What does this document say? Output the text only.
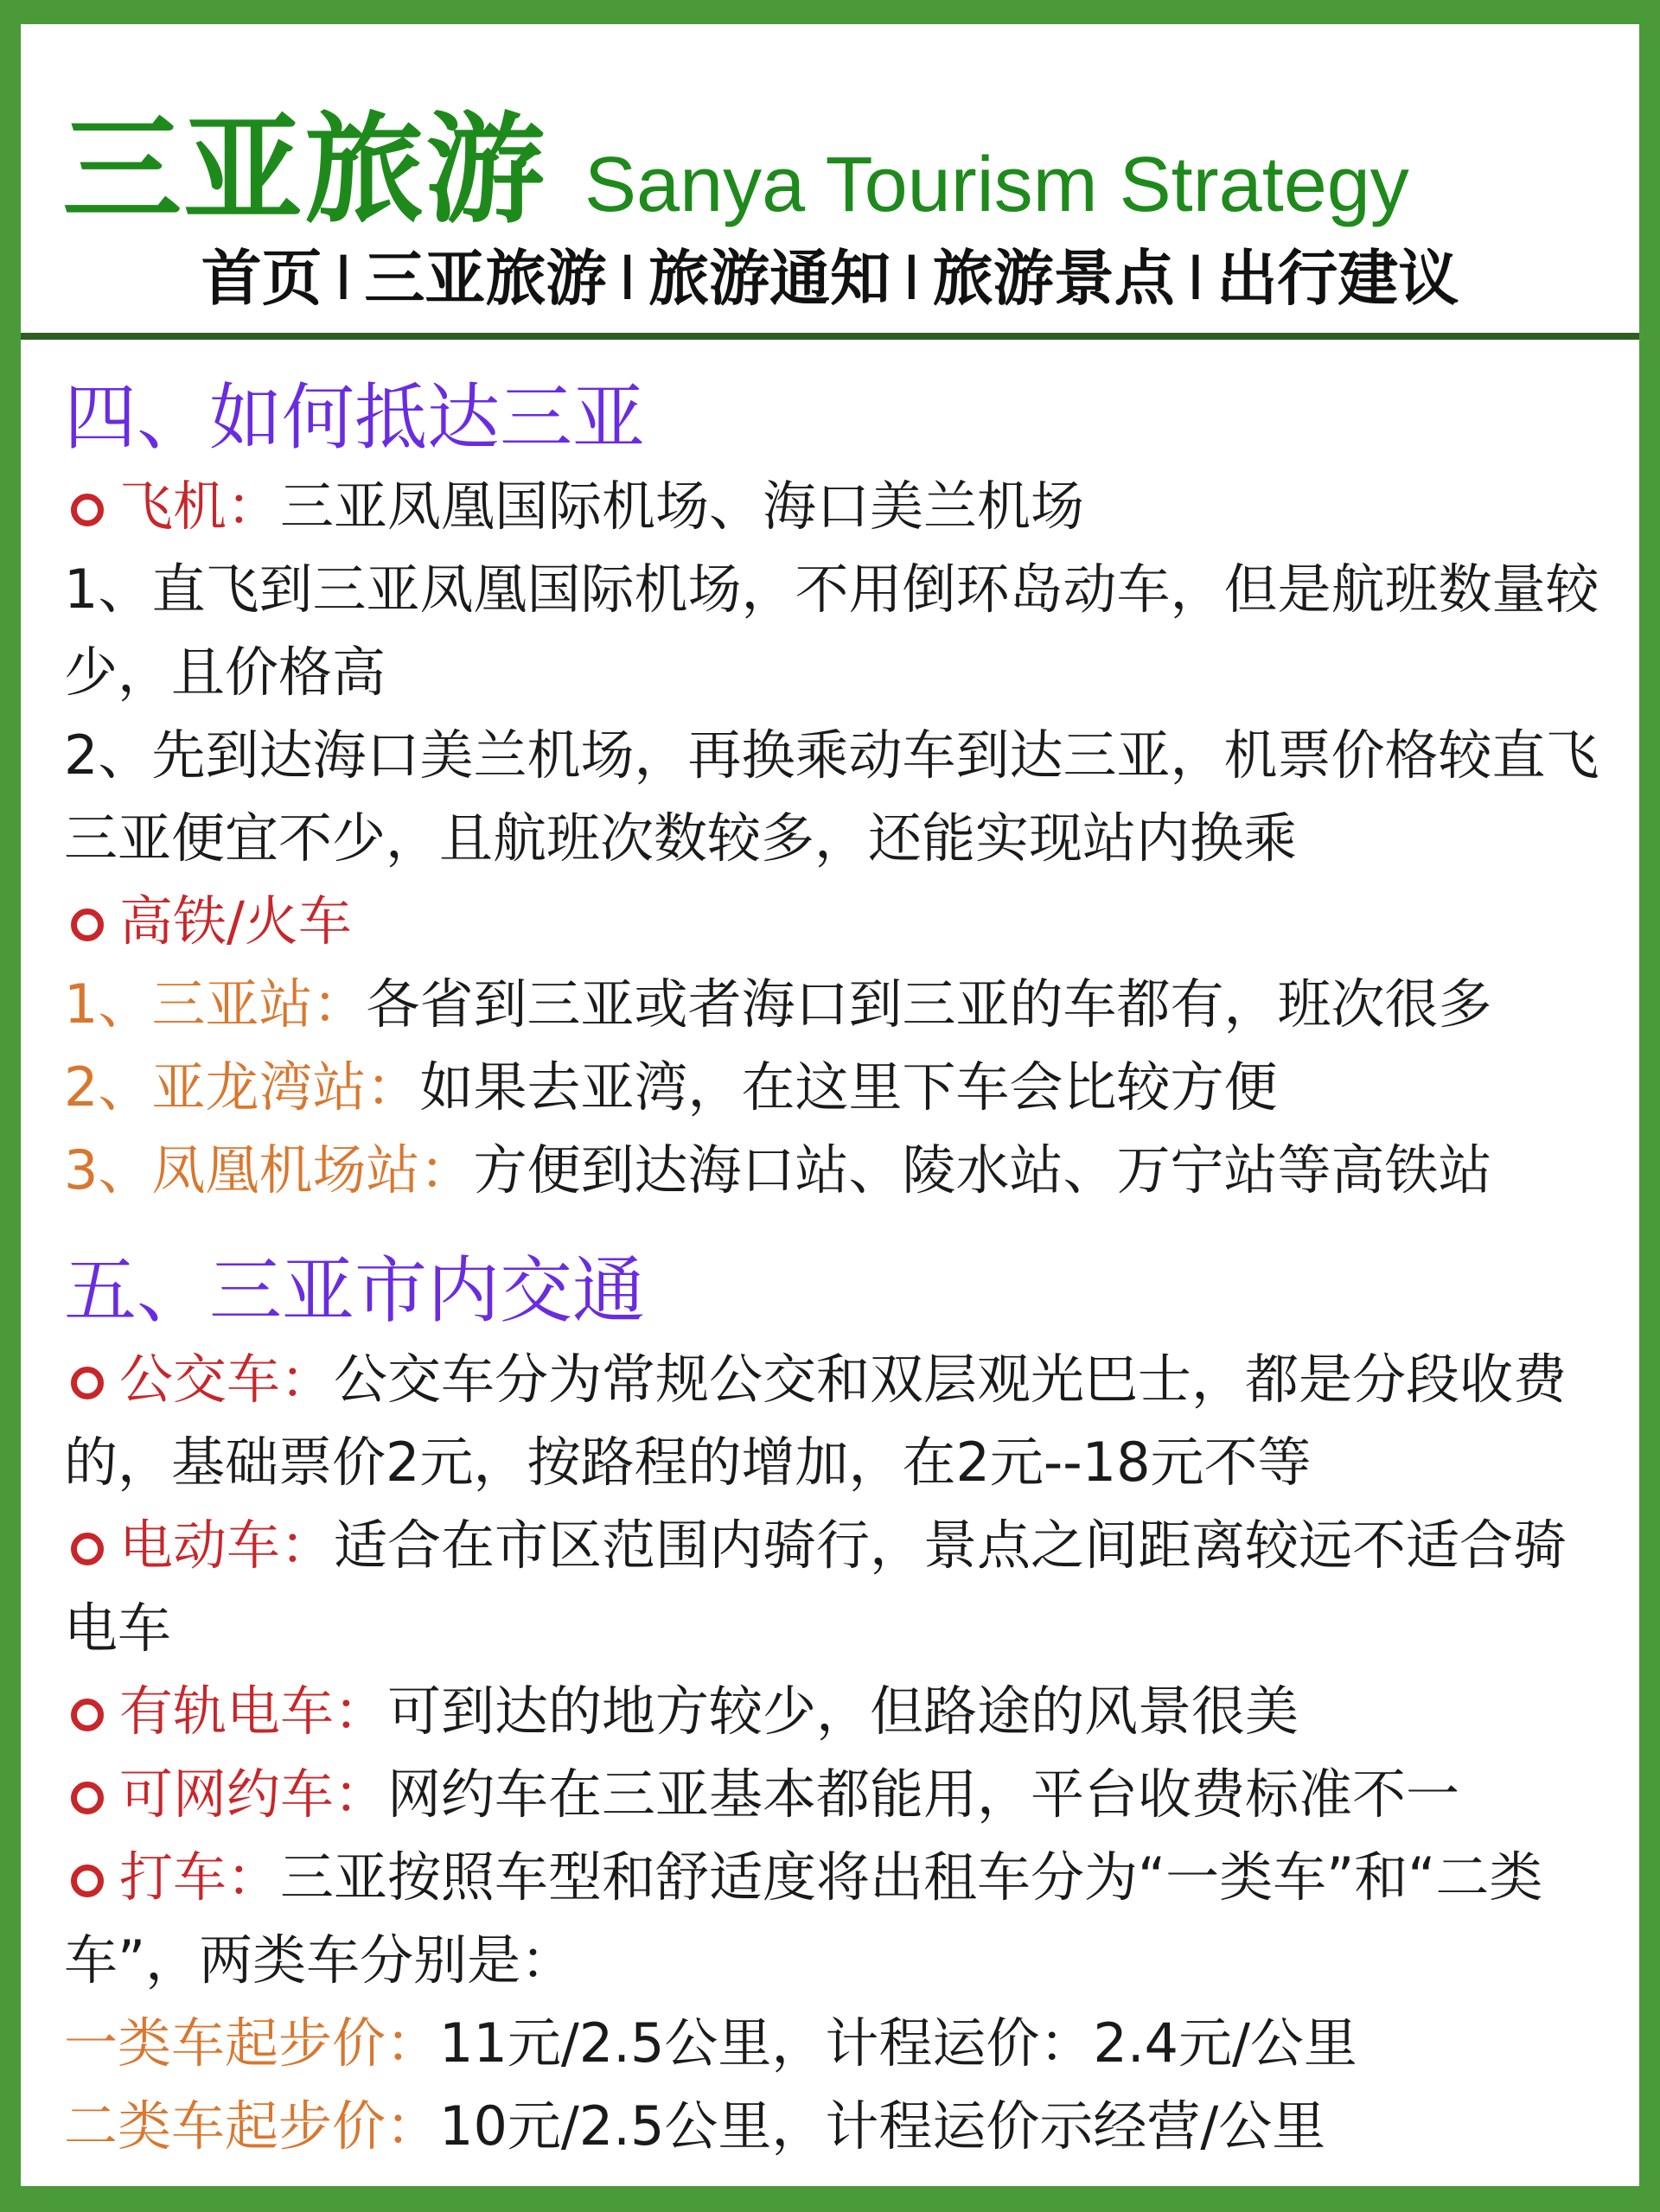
三亚旅游 Sanya Tourism Strategy
首页 I 三亚旅游 I 旅游通知 I 旅游景点 I 出行建议
四、如何抵达三亚

飞机：三亚凤凰国际机场、海口美兰机场

1、直飞到三亚凤凰国际机场，不用倒环岛动车，但是航班数量较少，且价格高

2、先到达海口美兰机场，再换乘动车到达三亚，机票价格较直飞三亚便宜不少，且航班次数较多，还能实现站内换乘

高铁/火车

1、三亚站：各省到三亚或者海口到三亚的车都有，班次很多

2、亚龙湾站：如果去亚湾，在这里下车会比较方便

3、凤凰机场站：方便到达海口站、陵水站、万宁站等高铁站

五、三亚市内交通

公交车：公交车分为常规公交和双层观光巴士，都是分段收费的，基础票价2元，按路程的增加，在2元--18元不等

电动车：适合在市区范围内骑行，景点之间距离较远不适合骑电车

有轨电车：可到达的地方较少，但路途的风景很美

可网约车：网约车在三亚基本都能用，平台收费标准不一

打车：三亚按照车型和舒适度将出租车分为“一类车”和“二类车”，两类车分别是：

一类车起步价：11元/2.5公里，计程运价：2.4元/公里

二类车起步价：10元/2.5公里，计程运价示经营/公里
